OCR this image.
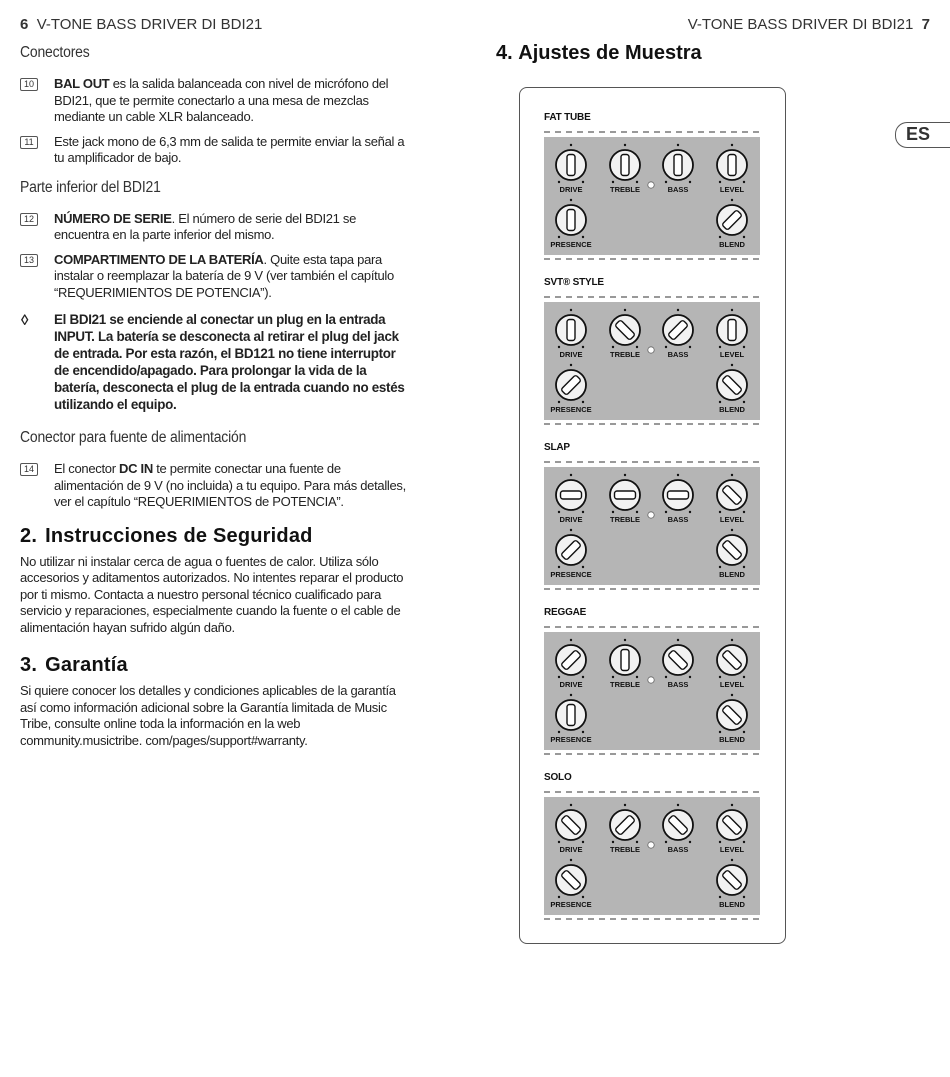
6 V-TONE BASS DRIVER DI BDI21	V-TONE BASS DRIVER DI BDI21 7
ES
Conectores
10	BAL OUT es la salida balanceada con nivel de micrófono del BDI21, que te permite conectarlo a una mesa de mezclas mediante un cable XLR balanceado.
11	Este jack mono de 6,3 mm de salida te permite enviar la señal a tu amplificador de bajo.
Parte inferior del BDI21
12	NÚMERO DE SERIE. El número de serie del BDI21 se encuentra en la parte inferior del mismo.
13	COMPARTIMENTO DE LA BATERÍA. Quite esta tapa para instalar o reemplazar la batería de 9 V (ver también el capítulo “REQUERIMIENTOS DE POTENCIA”).
◊ El BDI21 se enciende al conectar un plug en la entrada INPUT. La batería se desconecta al retirar el plug del jack de entrada. Por esta razón, el BD121 no tiene interruptor de encendido/apagado. Para prolongar la vida de la batería, desconecta el plug de la entrada cuando no estés utilizando el equipo.
Conector para fuente de alimentación
14	El conector DC IN te permite conectar una fuente de alimentación de 9 V (no incluida) a tu equipo. Para más detalles, ver el capítulo “REQUERIMIENTOS de POTENCIA”.
2. Instrucciones de Seguridad
No utilizar ni instalar cerca de agua o fuentes de calor. Utiliza sólo accesorios y aditamentos autorizados. No intentes reparar el producto por ti mismo. Contacta a nuestro personal técnico cualificado para servicio y reparaciones, especialmente cuando la fuente o el cable de alimentación hayan sufrido algún daño.
3. Garantía
Si quiere conocer los detalles y condiciones aplicables de la garantía así como información adicional sobre la Garantía limitada de Music Tribe, consulte online toda la información en la web community.musictribe. com/pages/support#warranty.
4. Ajustes de Muestra
DRIVE	TREBLE	BASS	LEVEL
PRESENCE	BLEND
DRIVE	TREBLE	BASS	LEVEL
PRESENCE	BLEND
DRIVE	TREBLE	BASS	LEVEL
PRESENCE	BLEND
DRIVE	TREBLE	BASS	LEVEL
PRESENCE	BLEND
DRIVE	TREBLE	BASS	LEVEL
PRESENCE	BLEND
FAT TUBE
SVT® STYLE
SLAP
REGGAE
SOLO
